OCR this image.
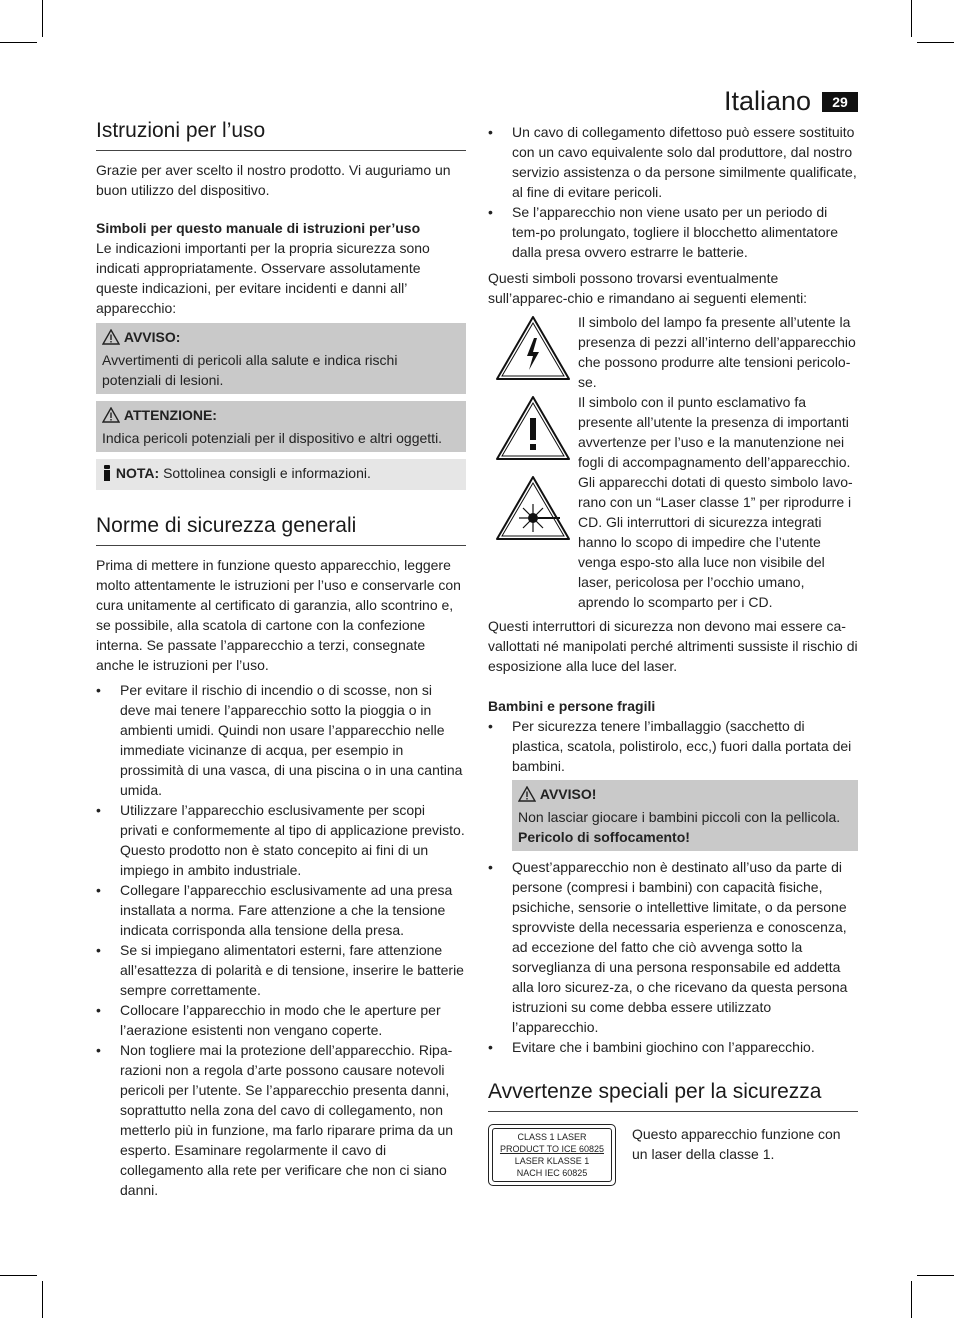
Italiano	29
Istruzioni per l’uso

Grazie per aver scelto il nostro prodotto. Vi auguriamo un buon utilizzo del dispositivo.

Simboli per questo manuale di istruzioni per’uso

Le indicazioni importanti per la propria sicurezza sono indicati appropriatamente. Osservare assolutamente queste indicazioni, per evitare incidenti e danni all’ apparecchio:

AVVISO:
Avvertimenti di pericoli alla salute e indica rischi potenziali di lesioni.
ATTENZIONE:
Indica pericoli potenziali per il dispositivo e altri oggetti.
NOTA: Sottolinea consigli e informazioni.
Norme di sicurezza generali

Prima di mettere in funzione questo apparecchio, leggere molto attentamente le istruzioni per l’uso e conservarle con cura unitamente al certificato di garanzia, allo scontrino e, se possibile, alla scatola di cartone con la confezione interna. Se passate l’apparecchio a terzi, consegnate anche le istruzioni per l’uso.

• Per evitare il rischio di incendio o di scosse, non si deve mai tenere l’apparecchio sotto la pioggia o in ambienti umidi. Quindi non usare l’apparecchio nelle immediate vicinanze di acqua, per esempio in prossimità di una vasca, di una piscina o in una cantina umida.
• Utilizzare l’apparecchio esclusivamente per scopi privati e conformemente al tipo di applicazione previsto. Questo prodotto non è stato concepito ai fini di un impiego in ambito industriale.
• Collegare l’apparecchio esclusivamente ad una presa installata a norma. Fare attenzione a che la tensione indicata corrisponda alla tensione della presa.
• Se si impiegano alimentatori esterni, fare attenzione all’esattezza di polarità e di tensione, inserire le batterie sempre correttamente.
• Collocare l’apparecchio in modo che le aperture per l’aerazione esistenti non vengano coperte.
• Non togliere mai la protezione dell’apparecchio. Ripa-razioni non a regola d’arte possono causare notevoli pericoli per l’utente. Se l’apparecchio presenta danni, soprattutto nella zona del cavo di collegamento, non metterlo più in funzione, ma farlo riparare prima da un esperto. Esaminare regolarmente il cavo di collegamento alla rete per verificare che non ci siano danni.
• Un cavo di collegamento difettoso può essere sostituito con un cavo equivalente solo dal produttore, dal nostro servizio assistenza o da persone similmente qualificate, al fine di evitare pericoli.
• Se l’apparecchio non viene usato per un periodo di tem-po prolungato, togliere il blocchetto alimentatore dalla presa ovvero estrarre le batterie.

Questi simboli possono trovarsi eventualmente sull’apparec-chio e rimandano ai seguenti elementi:

Il simbolo del lampo fa presente all’utente la presenza di pezzi all’interno dell’apparecchio che possono produrre alte tensioni pericolo-se.
Il simbolo con il punto esclamativo fa presente all’utente la presenza di importanti avvertenze per l’uso e la manutenzione nei fogli di accompagnamento dell’apparecchio.
Gli apparecchi dotati di questo simbolo lavo-rano con un “Laser classe 1” per riprodurre i CD. Gli interruttori di sicurezza integrati hanno lo scopo di impedire che l’utente venga espo-sto alla luce non visibile del laser, pericolosa per l’occhio umano, aprendo lo scomparto per i CD.

Questi interruttori di sicurezza non devono mai essere ca-vallottati né manipolati perché altrimenti sussiste il rischio di esposizione alla luce del laser.

Bambini e persone fragili

• Per sicurezza tenere l’imballaggio (sacchetto di plastica, scatola, polistirolo, ecc,) fuori dalla portata dei bambini.
AVVISO!
Non lasciar giocare i bambini piccoli con la pellicola.
Pericolo di soffocamento!
• Quest’apparecchio non è destinato all’uso da parte di persone (compresi i bambini) con capacità fisiche, psichiche, sensorie o intellettive limitate, o da persone sprovviste della necessaria esperienza e conoscenza, ad eccezione del fatto che ciò avvenga sotto la sorveglianza di una persona responsabile ed addetta alla loro sicurez-za, o che ricevano da questa persona istruzioni su come debba essere utilizzato l’apparecchio.
• Evitare che i bambini giochino con l’apparecchio.
Avvertenze speciali per la sicurezza
CLASS 1 LASER
PRODUCT TO ICE 60825
LASER KLASSE 1
NACH IEC 60825

Questo apparecchio funzione con un laser della classe 1.
